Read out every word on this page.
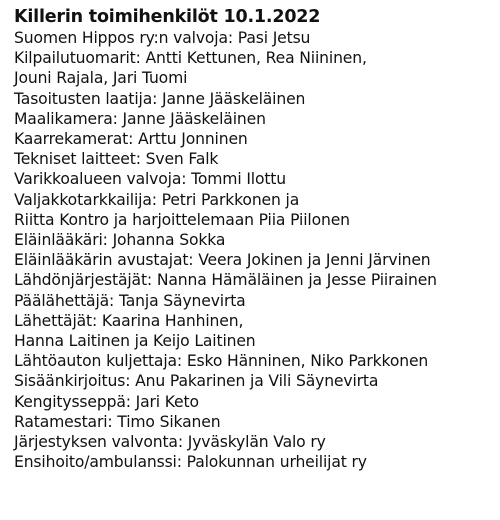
Killerin toimihenkilöt 10.1.2022
Suomen Hippos ry:n valvoja: Pasi Jetsu
Kilpailutuomarit: Antti Kettunen, Rea Niininen,
Jouni Rajala, Jari Tuomi
Tasoitusten laatija: Janne Jääskeläinen
Maalikamera: Janne Jääskeläinen
Kaarrekamerat: Arttu Jonninen
Tekniset laitteet: Sven Falk
Varikkoalueen valvoja: Tommi Ilottu
Valjakkotarkkailija: Petri Parkkonen ja
Riitta Kontro ja harjoittelemaan Piia Piilonen
Eläinlääkäri: Johanna Sokka
Eläinlääkärin avustajat: Veera Jokinen ja Jenni Järvinen
Lähdönjärjestäjät: Nanna Hämäläinen ja Jesse Piirainen
Päälähettäjä: Tanja Säynevirta
Lähettäjät: Kaarina Hanhinen,
Hanna Laitinen ja Keijo Laitinen
Lähtöauton kuljettaja: Esko Hänninen, Niko Parkkonen
Sisäänkirjoitus: Anu Pakarinen ja Vili Säynevirta
Kengitysseppä: Jari Keto
Ratamestari: Timo Sikanen
Järjestyksen valvonta: Jyväskylän Valo ry
Ensihoito/ambulanssi: Palokunnan urheilijat ry
